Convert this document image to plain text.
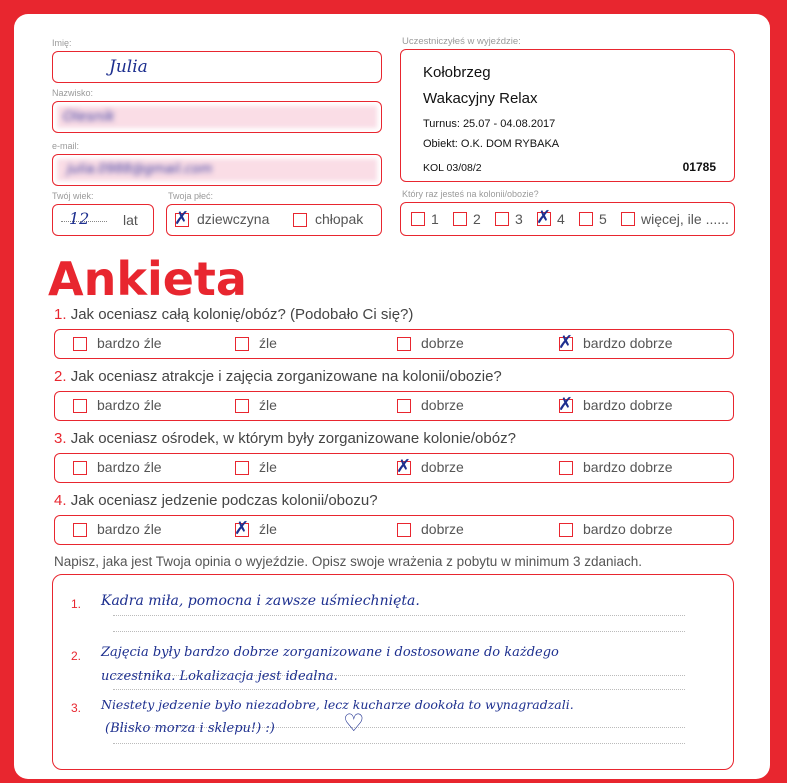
Imię:
Julia
Nazwisko:
Olesnik
e-mail:
julia.0988@gmail.com
Uczestniczyłeś w wyjeździe:
Kołobrzeg
Wakacyjny Relax
Turnus: 25.07 - 04.08.2017
Obiekt: O.K. DOM RYBAKA
KOL 03/08/2	01785
Twój wiek:
12 lat
Twoja płeć:
✗ dziewczyna	chłopak
Który raz jesteś na kolonii/obozie?
1 2 3 ✗ 4 5 więcej, ile ......
Ankieta
1. Jak oceniasz całą kolonię/obóz? (Podobało Ci się?)
bardzo źle	źle	dobrze	✗ bardzo dobrze
2. Jak oceniasz atrakcje i zajęcia zorganizowane na kolonii/obozie?
bardzo źle	źle	dobrze	✗ bardzo dobrze
3. Jak oceniasz ośrodek, w którym były zorganizowane kolonie/obóz?
bardzo źle	źle	✗ dobrze	bardzo dobrze
4. Jak oceniasz jedzenie podczas kolonii/obozu?
bardzo źle	✗ źle	dobrze	bardzo dobrze
Napisz, jaka jest Twoja opinia o wyjeździe. Opisz swoje wrażenia z pobytu w minimum 3 zdaniach.
1.
2.
3.
Kadra miła, pomocna i zawsze uśmiechnięta.
Zajęcia były bardzo dobrze zorganizowane i dostosowane do każdego
uczestnika. Lokalizacja jest idealna.
Niestety jedzenie było niezadobre, lecz kucharze dookoła to wynagradzali.
(Blisko morza i sklepu!) :)	♡
